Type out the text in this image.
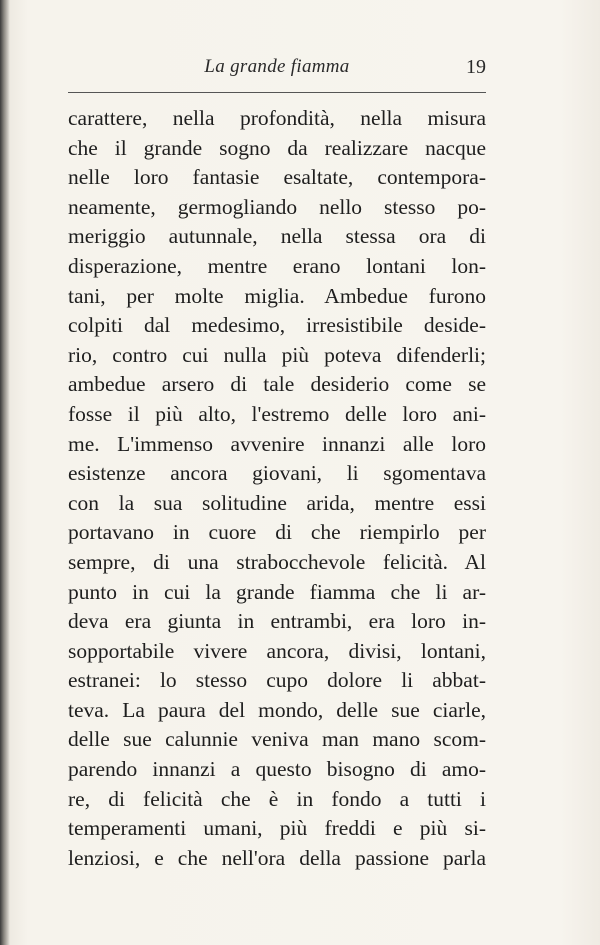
La grande fiamma	19
carattere, nella profondità, nella misura
che il grande sogno da realizzare nacque
nelle loro fantasie esaltate, contempora-
neamente, germogliando nello stesso po-
meriggio autunnale, nella stessa ora di
disperazione, mentre erano lontani lon-
tani, per molte miglia. Ambedue furono
colpiti dal medesimo, irresistibile deside-
rio, contro cui nulla più poteva difenderli;
ambedue arsero di tale desiderio come se
fosse il più alto, l'estremo delle loro ani-
me. L'immenso avvenire innanzi alle loro
esistenze ancora giovani, li sgomentava
con la sua solitudine arida, mentre essi
portavano in cuore di che riempirlo per
sempre, di una strabocchevole felicità. Al
punto in cui la grande fiamma che li ar-
deva era giunta in entrambi, era loro in-
sopportabile vivere ancora, divisi, lontani,
estranei: lo stesso cupo dolore li abbat-
teva. La paura del mondo, delle sue ciarle,
delle sue calunnie veniva man mano scom-
parendo innanzi a questo bisogno di amo-
re, di felicità che è in fondo a tutti i
temperamenti umani, più freddi e più si-
lenziosi, e che nell'ora della passione parla
